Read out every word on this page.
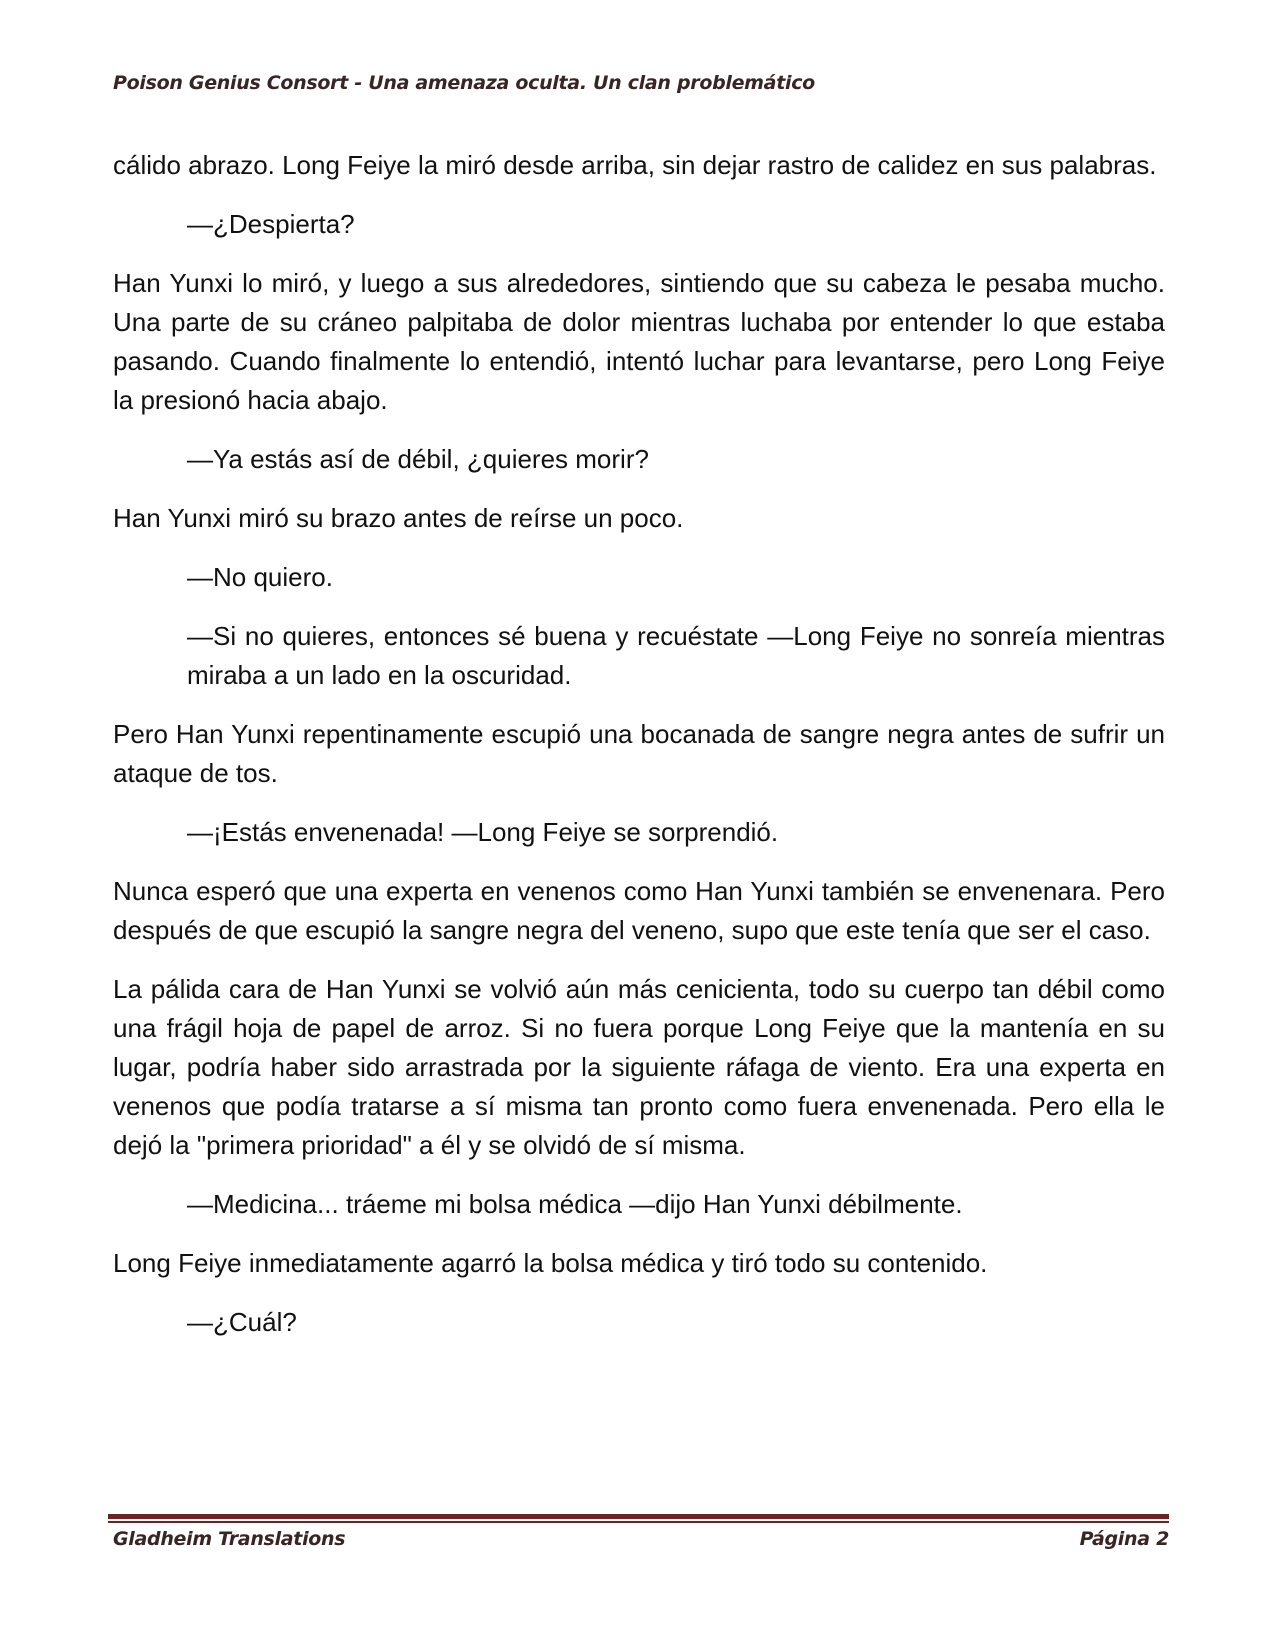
Poison Genius Consort - Una amenaza oculta. Un clan problemático

cálido abrazo. Long Feiye la miró desde arriba, sin dejar rastro de calidez en sus palabras.

—¿Despierta?

Han Yunxi lo miró, y luego a sus alrededores, sintiendo que su cabeza le pesaba mucho. Una parte de su cráneo palpitaba de dolor mientras luchaba por entender lo que estaba pasando. Cuando finalmente lo entendió, intentó luchar para levantarse, pero Long Feiye la presionó hacia abajo.

—Ya estás así de débil, ¿quieres morir?

Han Yunxi miró su brazo antes de reírse un poco.

—No quiero.

—Si no quieres, entonces sé buena y recuéstate —Long Feiye no sonreía mientras miraba a un lado en la oscuridad.

Pero Han Yunxi repentinamente escupió una bocanada de sangre negra antes de sufrir un ataque de tos.

—¡Estás envenenada! —Long Feiye se sorprendió.

Nunca esperó que una experta en venenos como Han Yunxi también se envenenara. Pero después de que escupió la sangre negra del veneno, supo que este tenía que ser el caso.

La pálida cara de Han Yunxi se volvió aún más cenicienta, todo su cuerpo tan débil como una frágil hoja de papel de arroz. Si no fuera porque Long Feiye que la mantenía en su lugar, podría haber sido arrastrada por la siguiente ráfaga de viento. Era una experta en venenos que podía tratarse a sí misma tan pronto como fuera envenenada. Pero ella le dejó la "primera prioridad" a él y se olvidó de sí misma.

—Medicina... tráeme mi bolsa médica —dijo Han Yunxi débilmente.

Long Feiye inmediatamente agarró la bolsa médica y tiró todo su contenido.

—¿Cuál?

Gladheim Translations	Página 2
